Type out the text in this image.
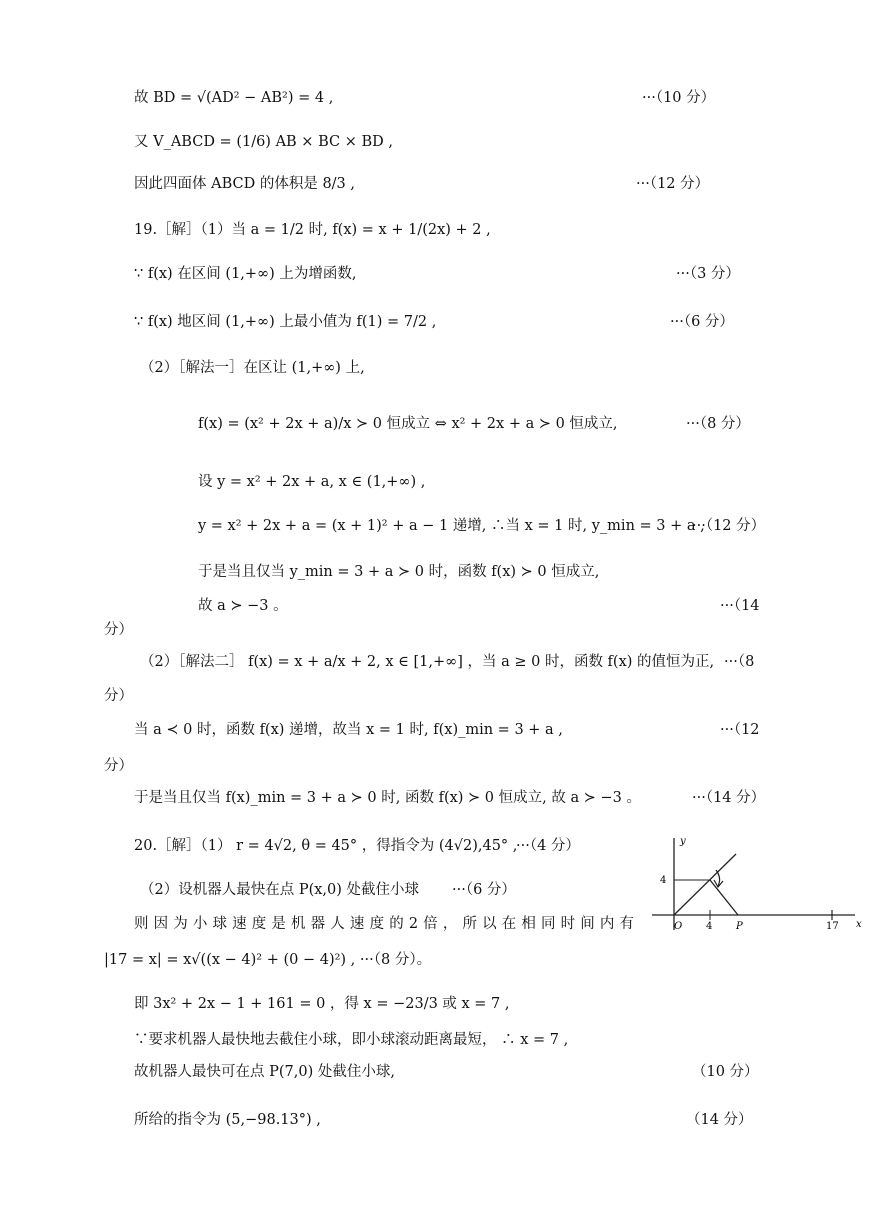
故 BD = √(AD² − AB²) = 4 ,	···（10 分）
又 V_ABCD = (1/6) AB × BC × BD ,
因此四面体 ABCD 的体积是 8/3 ,	···（12 分）
19.［解］（1）当 a = 1/2 时, f(x) = x + 1/(2x) + 2 ,
∵ f(x) 在区间 (1,+∞) 上为增函数,	···（3 分）
∵ f(x) 地区间 (1,+∞) 上最小值为 f(1) = 7/2 ,	···（6 分）
（2）［解法一］在区让 (1,+∞) 上,
f(x) = (x² + 2x + a)/x ≻ 0 恒成立 ⇔ x² + 2x + a ≻ 0 恒成立,	···（8 分）
设 y = x² + 2x + a, x ∈ (1,+∞) ,
y = x² + 2x + a = (x + 1)² + a − 1 递增, ∴当 x = 1 时, y_min = 3 + a ,
···（12 分）
于是当且仅当 y_min = 3 + a ≻ 0 时，函数 f(x) ≻ 0 恒成立,
故 a ≻ −3 。	···（14
分）
（2）［解法二］ f(x) = x + a/x + 2, x ∈ [1,+∞] ，当 a ≥ 0 时，函数 f(x) 的值恒为正, ···（8
分）
当 a ≺ 0 时，函数 f(x) 递增，故当 x = 1 时, f(x)_min = 3 + a ,	···（12
分）
于是当且仅当 f(x)_min = 3 + a ≻ 0 时, 函数 f(x) ≻ 0 恒成立, 故 a ≻ −3 。	···（14 分）
20.［解］（1） r = 4√2, θ = 45° ，得指令为 (4√2),45° ,
···（4 分）
（2）设机器人最快在点 P(x,0) 处截住小球 ···（6 分）
则因为小球速度是机器人速度的2倍，所以在相同时间内有
|17 = x| = x√((x − 4)² + (0 − 4)²) , ···（8 分）。
即 3x² + 2x − 1 + 161 = 0 ，得 x = −23/3 或 x = 7 ,
∵要求机器人最快地去截住小球，即小球滚动距离最短， ∴ x = 7 ,
故机器人最快可在点 P(7,0) 处截住小球,	（10 分）
所给的指令为 (5,−98.13°) ,	（14 分）
y
x
4
O 4 P	17
